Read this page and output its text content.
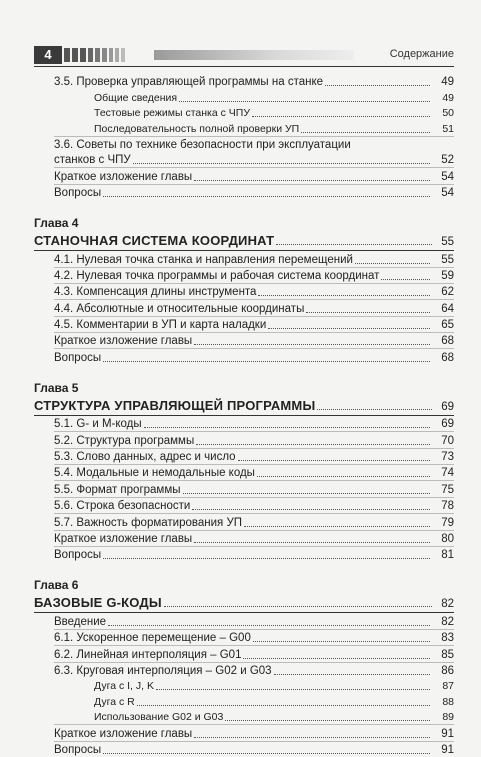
4	Содержание
3.5. Проверка управляющей программы на станке	49
Общие сведения	49
Тестовые режимы станка с ЧПУ	50
Последовательность полной проверки УП	51
3.6. Советы по технике безопасности при эксплуатации
станков с ЧПУ	52
Краткое изложение главы	54
Вопросы	54
Глава 4
СТАНОЧНАЯ СИСТЕМА КООРДИНАТ	55
4.1. Нулевая точка станка и направления перемещений	55
4.2. Нулевая точка программы и рабочая система координат	59
4.3. Компенсация длины инструмента	62
4.4. Абсолютные и относительные координаты	64
4.5. Комментарии в УП и карта наладки	65
Краткое изложение главы	68
Вопросы	68
Глава 5
СТРУКТУРА УПРАВЛЯЮЩЕЙ ПРОГРАММЫ	69
5.1. G- и M-коды	69
5.2. Структура программы	70
5.3. Слово данных, адрес и число	73
5.4. Модальные и немодальные коды	74
5.5. Формат программы	75
5.6. Строка безопасности	78
5.7. Важность форматирования УП	79
Краткое изложение главы	80
Вопросы	81
Глава 6
БАЗОВЫЕ G-КОДЫ	82
Введение	82
6.1. Ускоренное перемещение – G00	83
6.2. Линейная интерполяция – G01	85
6.3. Круговая интерполяция – G02 и G03	86
Дуга с I, J, K	87
Дуга с R	88
Использование G02 и G03	89
Краткое изложение главы	91
Вопросы	91
